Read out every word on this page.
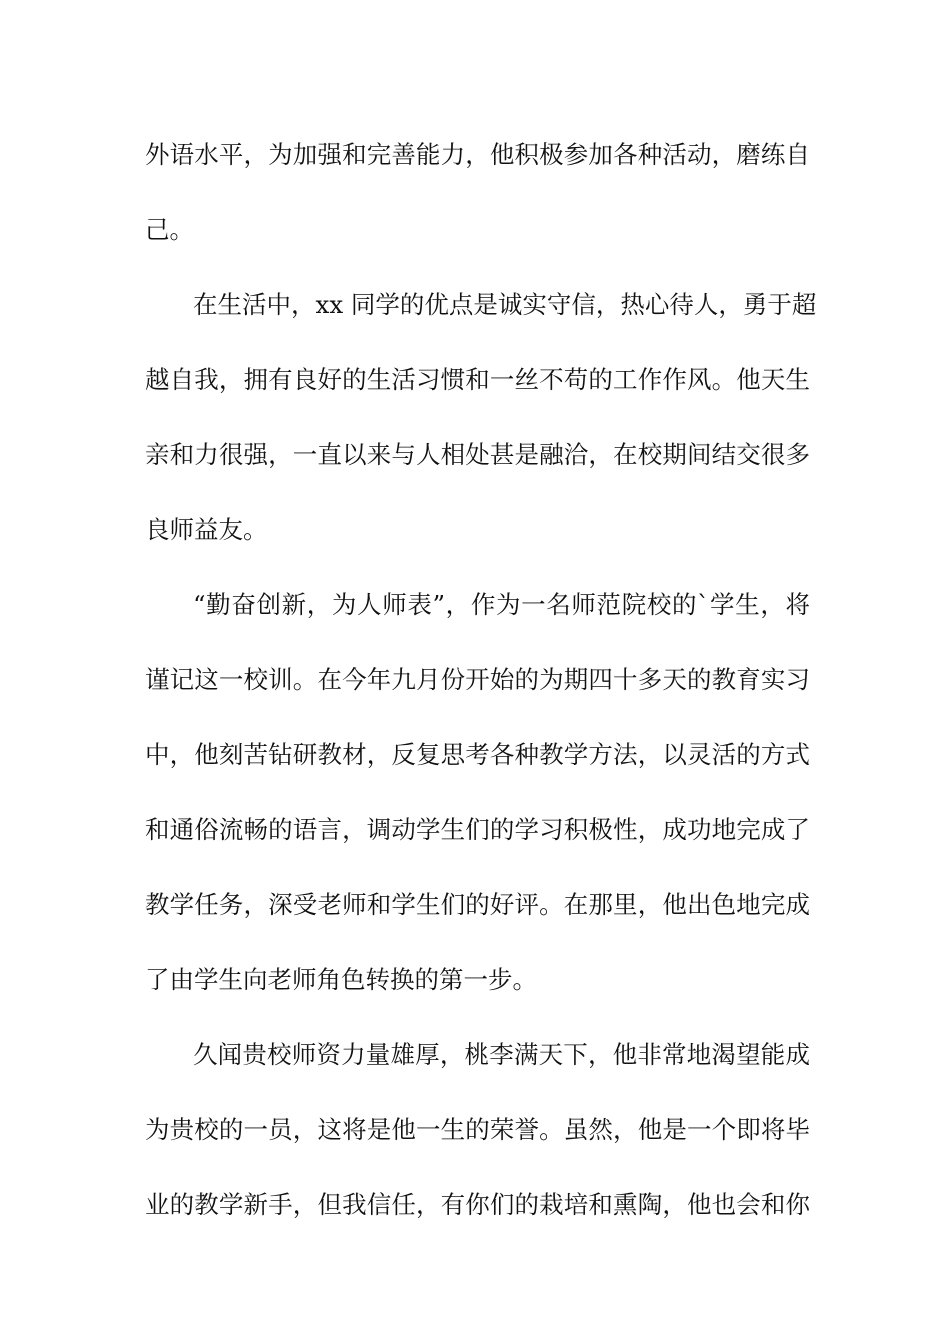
外语水平，为加强和完善能力，他积极参加各种活动，磨练自

己。

在生活中，xx 同学的优点是诚实守信，热心待人，勇于超

越自我，拥有良好的生活习惯和一丝不苟的工作作风。他天生

亲和力很强，一直以来与人相处甚是融洽，在校期间结交很多

良师益友。

“勤奋创新，为人师表”，作为一名师范院校的`学生，将

谨记这一校训。在今年九月份开始的为期四十多天的教育实习

中，他刻苦钻研教材，反复思考各种教学方法，以灵活的方式

和通俗流畅的语言，调动学生们的学习积极性，成功地完成了

教学任务，深受老师和学生们的好评。在那里，他出色地完成

了由学生向老师角色转换的第一步。

久闻贵校师资力量雄厚，桃李满天下，他非常地渴望能成

为贵校的一员，这将是他一生的荣誉。虽然，他是一个即将毕

业的教学新手，但我信任，有你们的栽培和熏陶，他也会和你
